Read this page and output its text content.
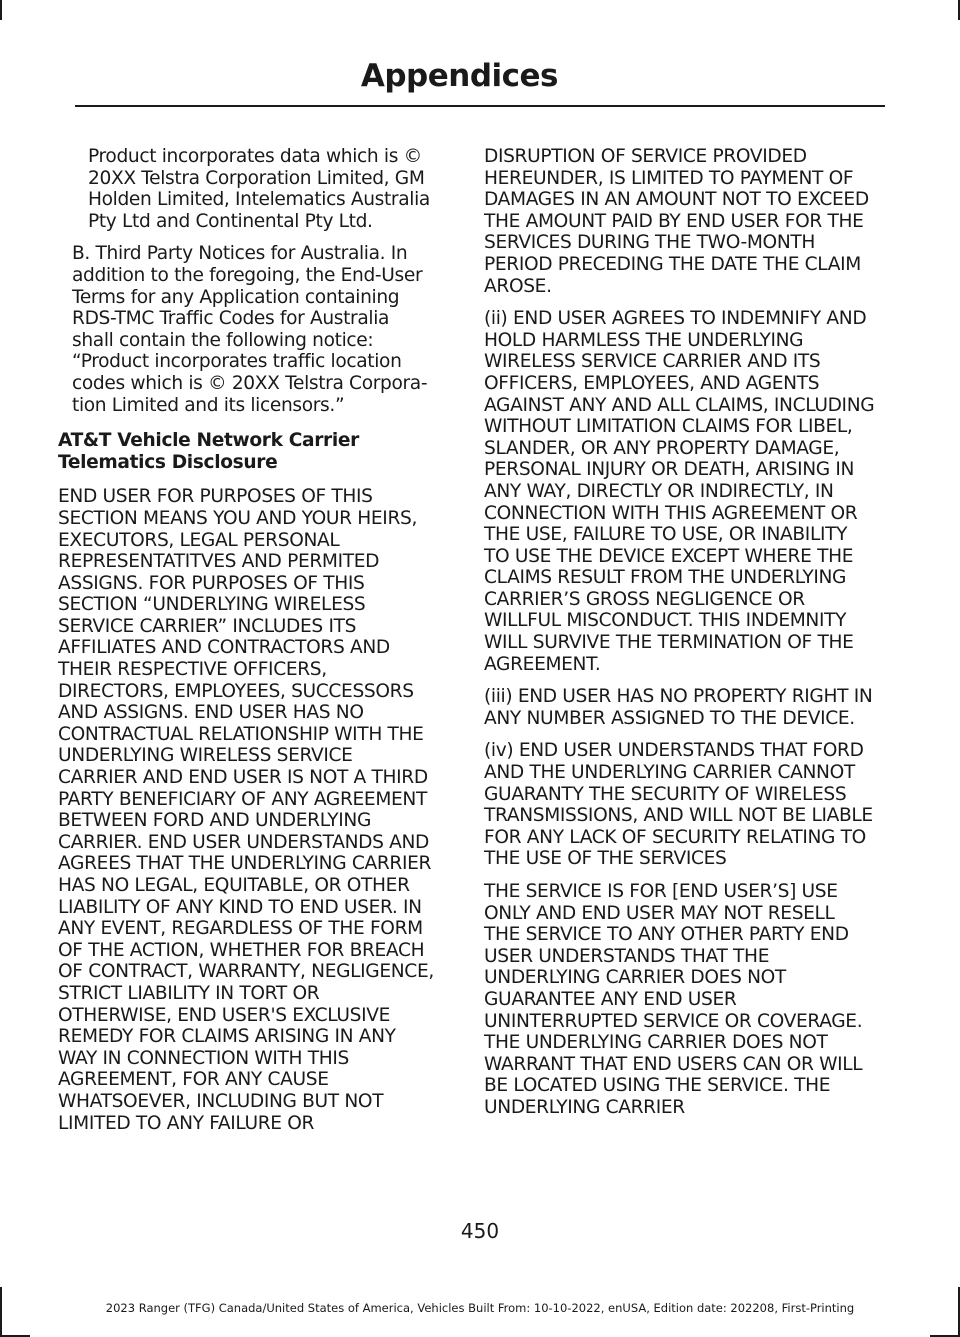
Appendices

Product incorporates data which is © 20XX Telstra Corporation Limited, GM Holden Limited, Intelematics Australia Pty Ltd and Continental Pty Ltd.

B. Third Party Notices for Australia. In addition to the foregoing, the End-User Terms for any Application containing RDS-TMC Traffic Codes for Australia shall contain the following notice: “Product incorporates traffic location codes which is © 20XX Telstra Corpora-tion Limited and its licensors.”

AT&T Vehicle Network Carrier Telematics Disclosure

END USER FOR PURPOSES OF THIS SECTION MEANS YOU AND YOUR HEIRS, EXECUTORS, LEGAL PERSONAL REPRESENTATITVES AND PERMITED ASSIGNS. FOR PURPOSES OF THIS SECTION “UNDERLYING WIRELESS SERVICE CARRIER” INCLUDES ITS AFFILIATES AND CONTRACTORS AND THEIR RESPECTIVE OFFICERS, DIRECTORS, EMPLOYEES, SUCCESSORS AND ASSIGNS. END USER HAS NO CONTRACTUAL RELATIONSHIP WITH THE UNDERLYING WIRELESS SERVICE CARRIER AND END USER IS NOT A THIRD PARTY BENEFICIARY OF ANY AGREEMENT BETWEEN FORD AND UNDERLYING CARRIER. END USER UNDERSTANDS AND AGREES THAT THE UNDERLYING CARRIER HAS NO LEGAL, EQUITABLE, OR OTHER LIABILITY OF ANY KIND TO END USER. IN ANY EVENT, REGARDLESS OF THE FORM OF THE ACTION, WHETHER FOR BREACH OF CONTRACT, WARRANTY, NEGLIGENCE, STRICT LIABILITY IN TORT OR OTHERWISE, END USER'S EXCLUSIVE REMEDY FOR CLAIMS ARISING IN ANY WAY IN CONNECTION WITH THIS AGREEMENT, FOR ANY CAUSE WHATSOEVER, INCLUDING BUT NOT LIMITED TO ANY FAILURE OR

DISRUPTION OF SERVICE PROVIDED HEREUNDER, IS LIMITED TO PAYMENT OF DAMAGES IN AN AMOUNT NOT TO EXCEED THE AMOUNT PAID BY END USER FOR THE SERVICES DURING THE TWO-MONTH PERIOD PRECEDING THE DATE THE CLAIM AROSE.

(ii) END USER AGREES TO INDEMNIFY AND HOLD HARMLESS THE UNDERLYING WIRELESS SERVICE CARRIER AND ITS OFFICERS, EMPLOYEES, AND AGENTS AGAINST ANY AND ALL CLAIMS, INCLUDING WITHOUT LIMITATION CLAIMS FOR LIBEL, SLANDER, OR ANY PROPERTY DAMAGE, PERSONAL INJURY OR DEATH, ARISING IN ANY WAY, DIRECTLY OR INDIRECTLY, IN CONNECTION WITH THIS AGREEMENT OR THE USE, FAILURE TO USE, OR INABILITY TO USE THE DEVICE EXCEPT WHERE THE CLAIMS RESULT FROM THE UNDERLYING CARRIER’S GROSS NEGLIGENCE OR WILLFUL MISCONDUCT. THIS INDEMNITY WILL SURVIVE THE TERMINATION OF THE AGREEMENT.

(iii) END USER HAS NO PROPERTY RIGHT IN ANY NUMBER ASSIGNED TO THE DEVICE.

(iv) END USER UNDERSTANDS THAT FORD AND THE UNDERLYING CARRIER CANNOT GUARANTY THE SECURITY OF WIRELESS TRANSMISSIONS, AND WILL NOT BE LIABLE FOR ANY LACK OF SECURITY RELATING TO THE USE OF THE SERVICES

THE SERVICE IS FOR [END USER’S] USE ONLY AND END USER MAY NOT RESELL THE SERVICE TO ANY OTHER PARTY END USER UNDERSTANDS THAT THE UNDERLYING CARRIER DOES NOT GUARANTEE ANY END USER UNINTERRUPTED SERVICE OR COVERAGE. THE UNDERLYING CARRIER DOES NOT WARRANT THAT END USERS CAN OR WILL BE LOCATED USING THE SERVICE. THE UNDERLYING CARRIER

450

2023 Ranger (TFG) Canada/United States of America, Vehicles Built From: 10-10-2022, enUSA, Edition date: 202208, First-Printing
